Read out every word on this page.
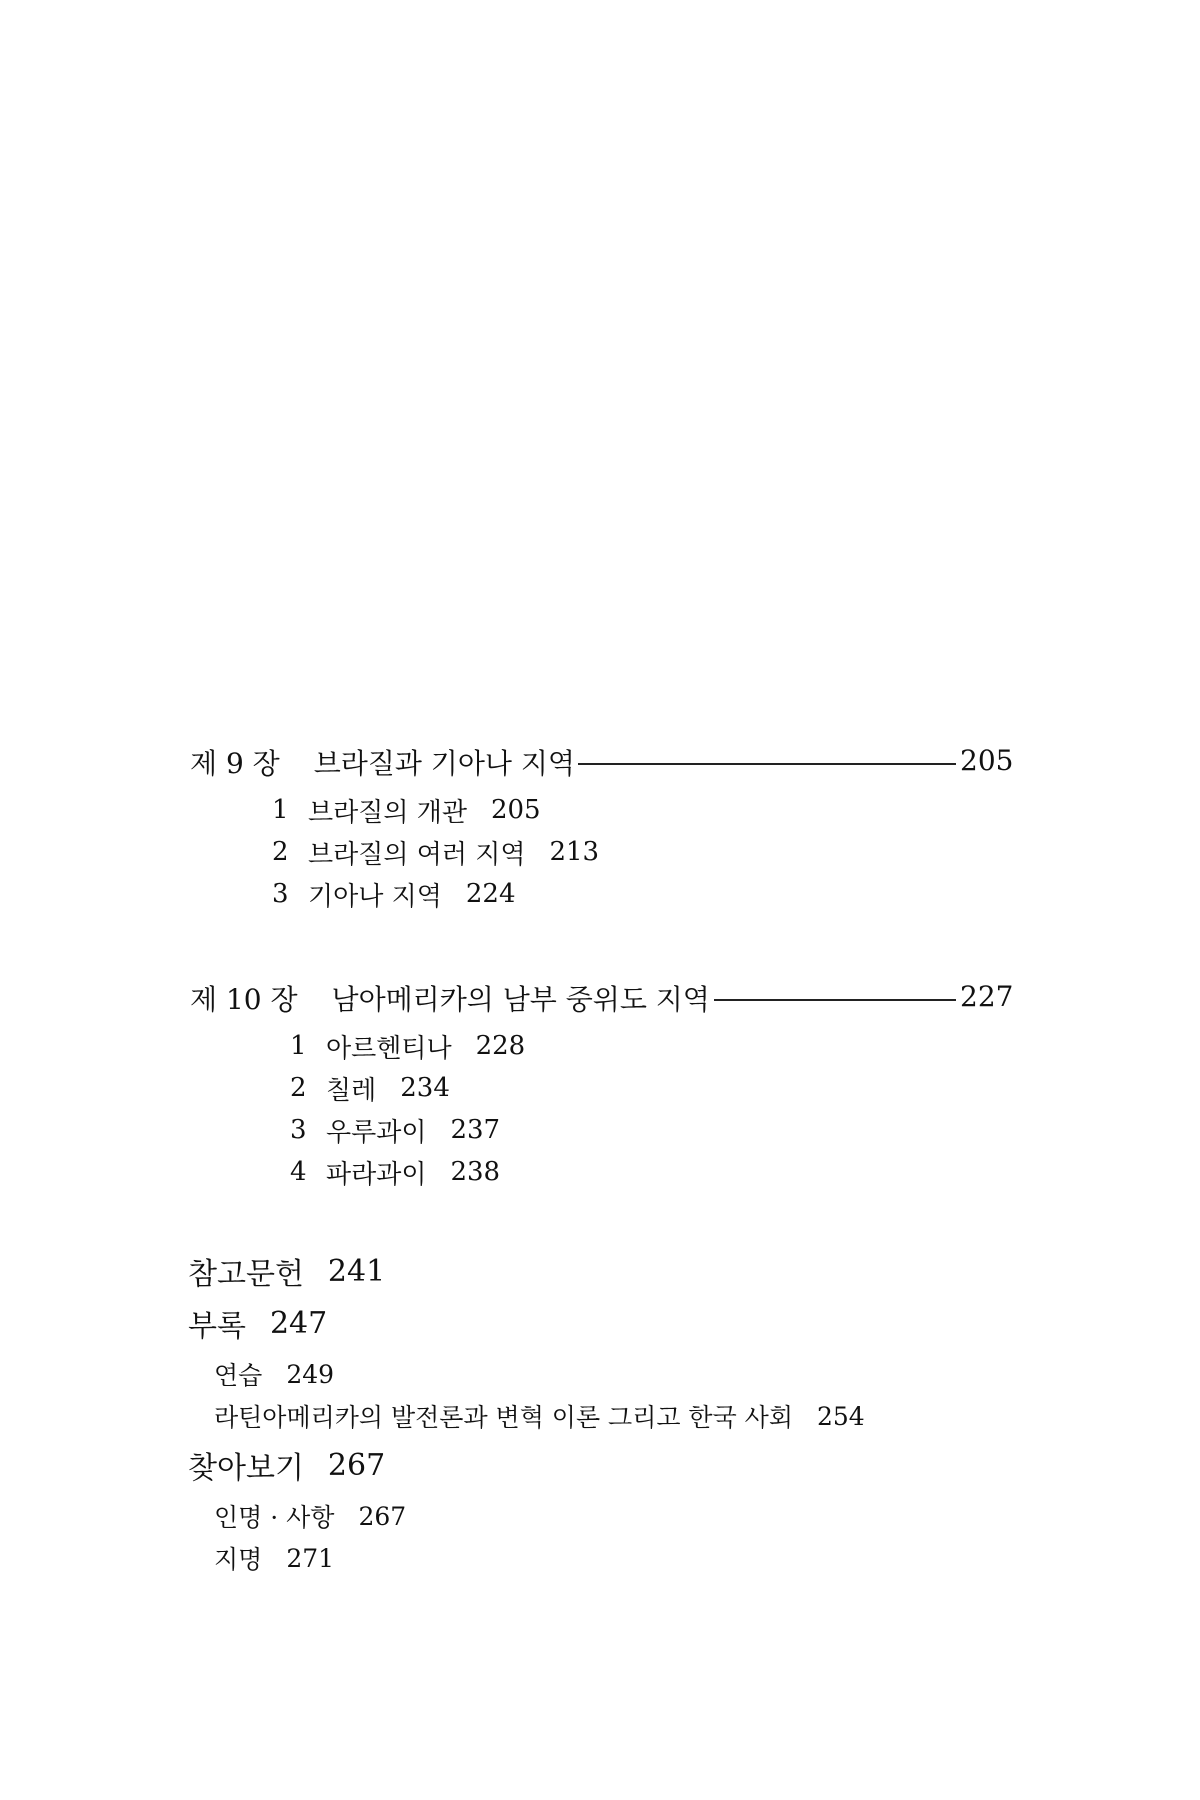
제 9 장 브라질과 기아나 지역	205
1 브라질의 개관 205
2 브라질의 여러 지역 213
3 기아나 지역 224
제 10 장 남아메리카의 남부 중위도 지역	227
1 아르헨티나 228
2 칠레 234
3 우루과이 237
4 파라과이 238
참고문헌 241
부록 247
연습 249
라틴아메리카의 발전론과 변혁 이론 그리고 한국 사회 254
찾아보기 267
인명 · 사항 267
지명 271
